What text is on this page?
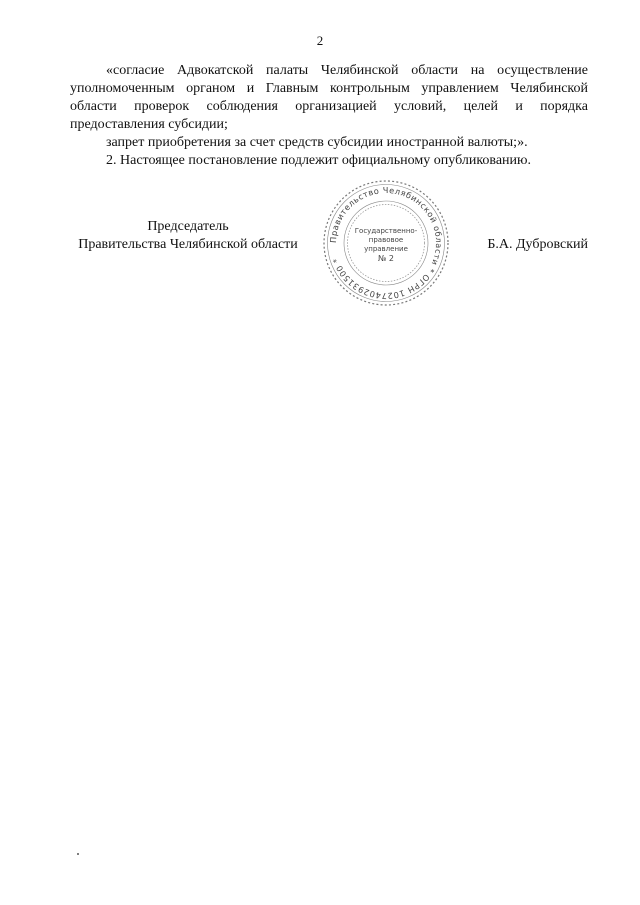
2

«согласие Адвокатской палаты Челябинской области на осуществление уполномоченным органом и Главным контрольным управлением Челябинской области проверок соблюдения организацией условий, целей и порядка предоставления субсидии;

запрет приобретения за счет средств субсидии иностранной валюты;».

2. Настоящее постановление подлежит официальному опубликованию.

Председатель
Правительства Челябинской области	Правительство Челябинской области * ОГРН 1027402931500 *
Государственно-
правовое
управление
№ 2
Б.А. Дубровский
